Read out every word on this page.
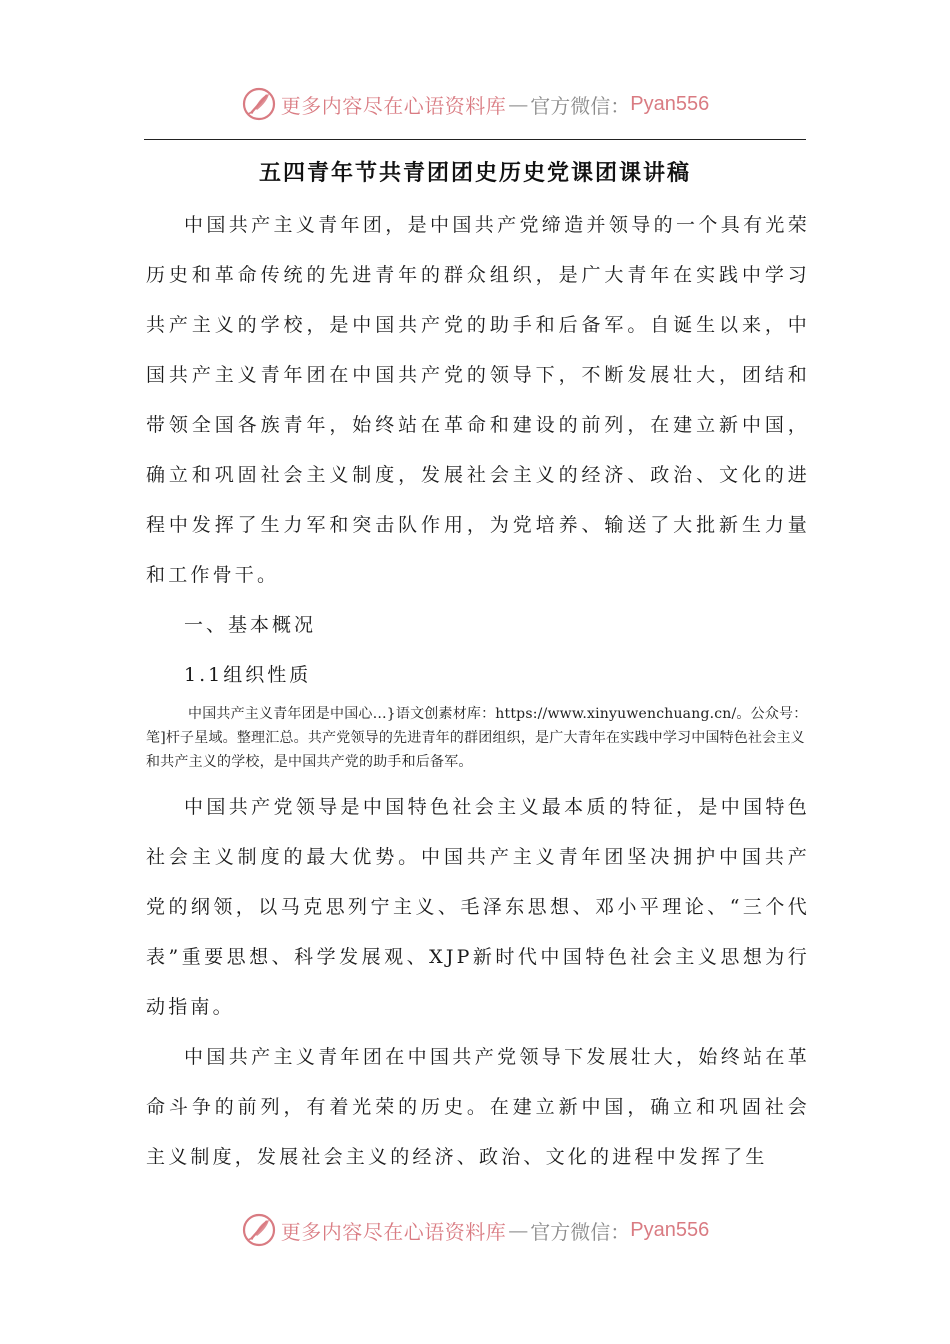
更多内容尽在心语资料库 — 官方微信： Pyan556
五四青年节共青团团史历史党课团课讲稿

中国共产主义青年团，是中国共产党缔造并领导的一个具有光荣历史和革命传统的先进青年的群众组织，是广大青年在实践中学习共产主义的学校，是中国共产党的助手和后备军。自诞生以来，中国共产主义青年团在中国共产党的领导下，不断发展壮大，团结和带领全国各族青年，始终站在革命和建设的前列，在建立新中国，确立和巩固社会主义制度，发展社会主义的经济、政治、文化的进程中发挥了生力军和突击队作用，为党培养、输送了大批新生力量和工作骨干。

一、基本概况

1.1组织性质

中国共产主义青年团是中国心…}语文创素材库：https://www.xinyuwenchuang.cn/。公众号：笔]杆子星域。整理汇总。共产党领导的先进青年的群团组织，是广大青年在实践中学习中国特色社会主义和共产主义的学校，是中国共产党的助手和后备军。

中国共产党领导是中国特色社会主义最本质的特征，是中国特色社会主义制度的最大优势。中国共产主义青年团坚决拥护中国共产党的纲领，以马克思列宁主义、毛泽东思想、邓小平理论、“三个代表”重要思想、科学发展观、XJP新时代中国特色社会主义思想为行动指南。

中国共产主义青年团在中国共产党领导下发展壮大，始终站在革命斗争的前列，有着光荣的历史。在建立新中国，确立和巩固社会主义制度，发展社会主义的经济、政治、文化的进程中发挥了生

更多内容尽在心语资料库 — 官方微信： Pyan556
